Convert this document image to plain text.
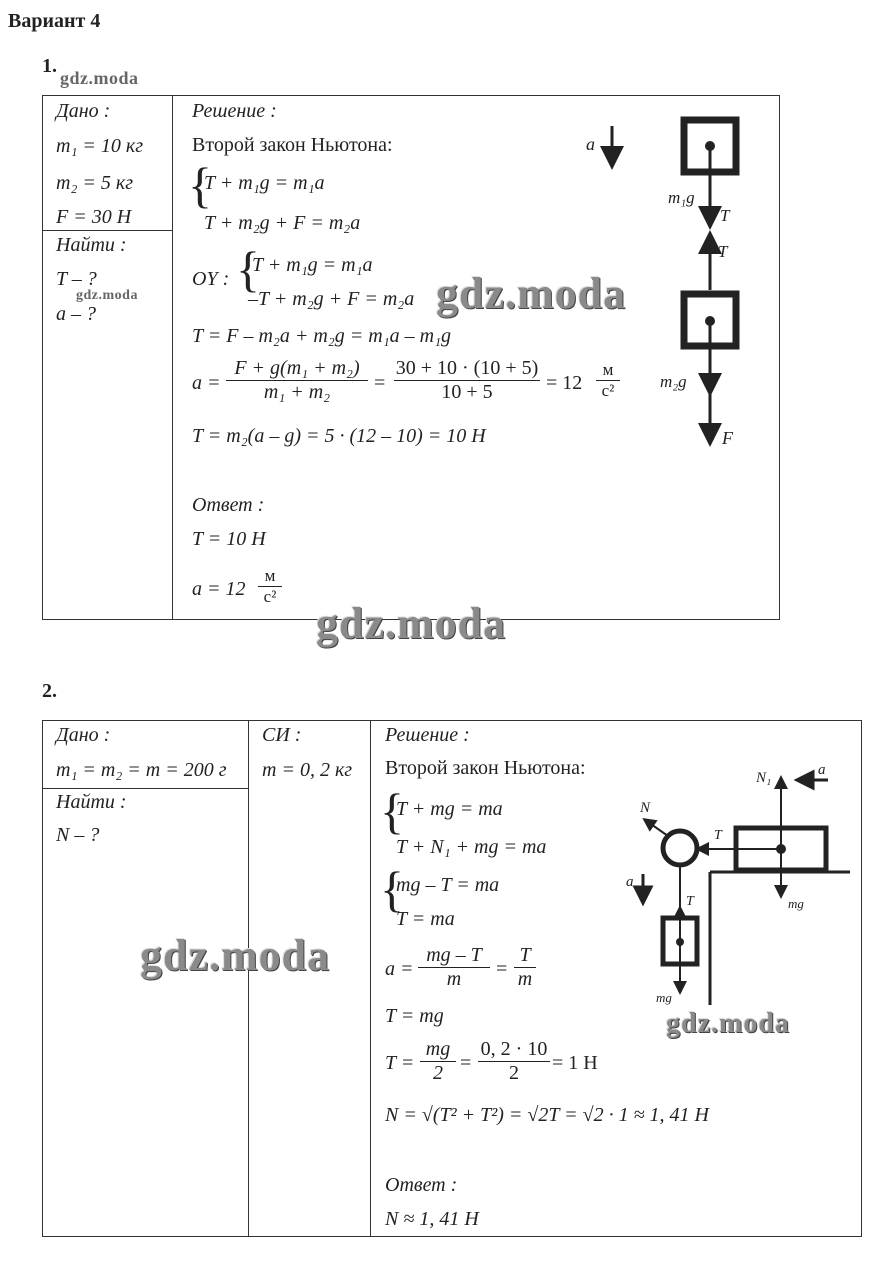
Вариант 4
1.
gdz.moda
Дано :
m₁ = 10 кг
m₂ = 5 кг
F = 30 Н
Найти :
T – ?
gdz.moda
a – ?
Решение :
Второй закон Ньютона:
{
T + m₁g = m₁a
T + m₂g + F = m₂a
OY : {
T + m₁g = m₁a
–T + m₂g + F = m₂a
T = F – m₂a + m₂g = m₁a – m₁g
$a = \frac{\text{F + g(m₁ + m₂)}}{\text{m₁ + m₂}} = \frac{30 + 10 \cdot (10 + 5)}{10 + 5} = 12$
м
с²
T = m₂(a – g) = 5 · (12 – 10) = 10 Н
Ответ :
T = 10 Н
a = 12
м
с²
a
m₁g
T
T
m₂g
F
gdz.moda
gdz.moda
2.
Дано :
m₁ = m₂ = m = 200 г
Найти :
N – ?
СИ :
m = 0, 2 кг
Решение :
Второй закон Ньютона:
{
T + mg = ma
T + N₁ + mg = ma
{
mg – T = ma
T = ma
$a = \frac{mg - T}{m} = \frac{T}{m}$
T = mg
$T = \frac{mg}{2} = \frac{0, 2 \cdot 10}{2} = 1$ Н
N = √(T² + T²) = √2T = √2 · 1 ≈ 1, 41 Н
Ответ :
N ≈ 1, 41 Н
N₁	a
N
T
a
mg
T
mg
gdz.moda
gdz.moda
